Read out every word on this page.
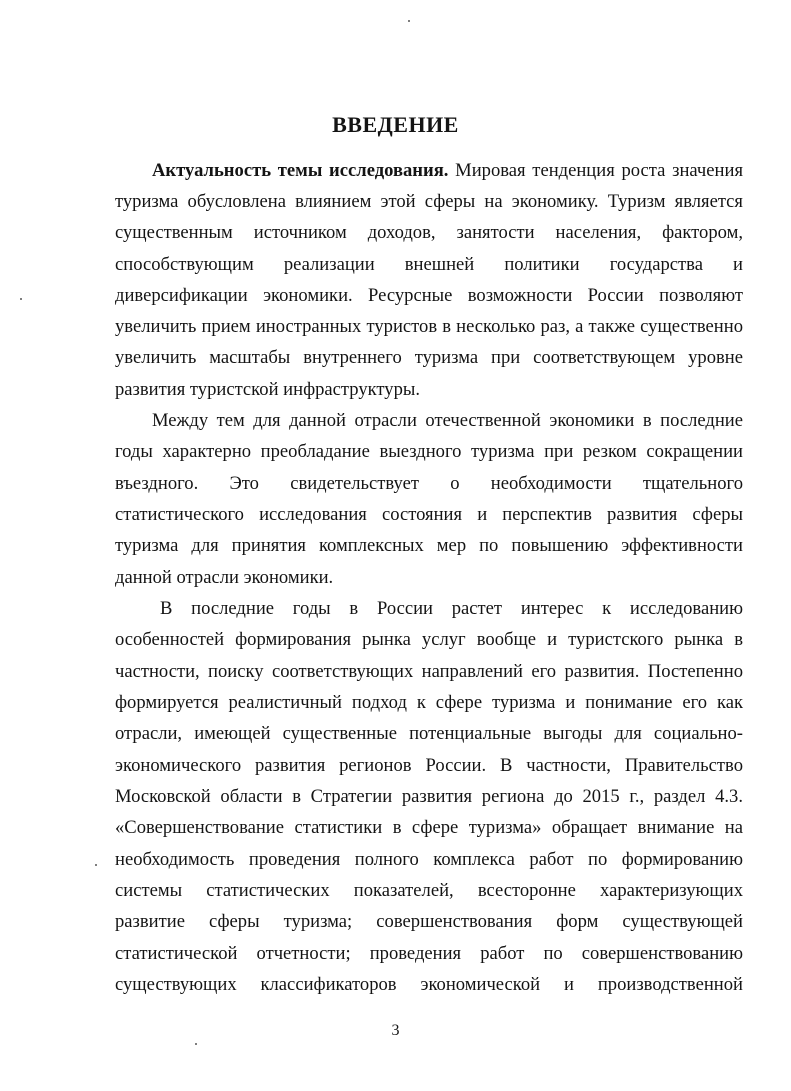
ВВЕДЕНИЕ
Актуальность темы исследования. Мировая тенденция роста значения
туризма обусловлена влиянием этой сферы на экономику. Туризм является
существенным источником доходов, занятости населения, фактором,
способствующим реализации внешней политики государства и
диверсификации экономики. Ресурсные возможности России позволяют
увеличить прием иностранных туристов в несколько раз, а также существенно
увеличить масштабы внутреннего туризма при соответствующем уровне
развития туристской инфраструктуры.
Между тем для данной отрасли отечественной экономики в последние
годы характерно преобладание выездного туризма при резком сокращении
въездного. Это свидетельствует о необходимости тщательного
статистического исследования состояния и перспектив развития сферы
туризма для принятия комплексных мер по повышению эффективности
данной отрасли экономики.
В последние годы в России растет интерес к исследованию
особенностей формирования рынка услуг вообще и туристского рынка в
частности, поиску соответствующих направлений его развития. Постепенно
формируется реалистичный подход к сфере туризма и понимание его как
отрасли, имеющей существенные потенциальные выгоды для социально-
экономического развития регионов России. В частности, Правительство
Московской области в Стратегии развития региона до 2015 г., раздел 4.3.
«Совершенствование статистики в сфере туризма» обращает внимание на
необходимость проведения полного комплекса работ по формированию
системы статистических показателей, всесторонне характеризующих
развитие сферы туризма; совершенствования форм существующей
статистической отчетности; проведения работ по совершенствованию
существующих классификаторов экономической и производственной
3
